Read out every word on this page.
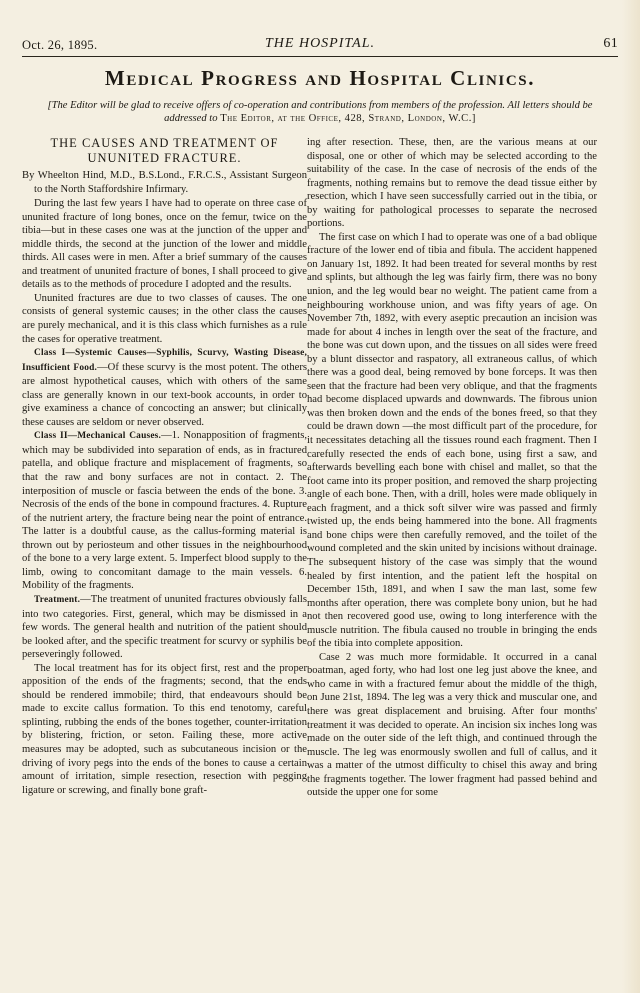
Oct. 26, 1895.	THE HOSPITAL.	61
Medical Progress and Hospital Clinics.
[The Editor will be glad to receive offers of co-operation and contributions from members of the profession. All letters should be addressed to The Editor, at the Office, 428, Strand, London, W.C.]
THE CAUSES AND TREATMENT OF UNUNITED FRACTURE.

By Wheelton Hind, M.D., B.S.Lond., F.R.C.S., Assistant Surgeon to the North Staffordshire Infirmary.

During the last few years I have had to operate on three case of ununited fracture of long bones, once on the femur, twice on the tibia—but in these cases one was at the junction of the upper and middle thirds, the second at the junction of the lower and middle thirds. All cases were in men. After a brief summary of the causes and treatment of ununited fracture of bones, I shall proceed to give details as to the methods of procedure I adopted and the results.

Ununited fractures are due to two classes of causes. The one consists of general systemic causes; in the other class the causes are purely mechanical, and it is this class which furnishes as a rule the cases for operative treatment.

Class I—Systemic Causes—Syphilis, Scurvy, Wasting Disease, Insufficient Food.—Of these scurvy is the most potent. The others are almost hypothetical causes, which with others of the same class are generally known in our text-book accounts, in order to give examiness a chance of concocting an answer; but clinically these causes are seldom or never observed.

Class II—Mechanical Causes.—1. Nonapposition of fragments, which may be subdivided into separation of ends, as in fractured patella, and oblique fracture and misplacement of fragments, so that the raw and bony surfaces are not in contact. 2. The interposition of muscle or fascia between the ends of the bone. 3. Necrosis of the ends of the bone in compound fractures. 4. Rupture of the nutrient artery, the fracture being near the point of entrance. The latter is a doubtful cause, as the callus-forming material is thrown out by periosteum and other tissues in the neighbourhood of the bone to a very large extent. 5. Imperfect blood supply to the limb, owing to concomitant damage to the main vessels. 6. Mobility of the fragments.

Treatment.—The treatment of ununited fractures obviously falls into two categories. First, general, which may be dismissed in a few words. The general health and nutrition of the patient should be looked after, and the specific treatment for scurvy or syphilis be perseveringly followed.

The local treatment has for its object first, rest and the proper apposition of the ends of the fragments; second, that the ends should be rendered immobile; third, that endeavours should be made to excite callus formation. To this end tenotomy, careful splinting, rubbing the ends of the bones together, counter-irritation by blistering, friction, or seton. Failing these, more active measures may be adopted, such as subcutaneous incision or the driving of ivory pegs into the ends of the bones to cause a certain amount of irritation, simple resection, resection with pegging ligature or screwing, and finally bone graft-

ing after resection. These, then, are the various means at our disposal, one or other of which may be selected according to the suitability of the case. In the case of necrosis of the ends of the fragments, nothing remains but to remove the dead tissue either by resection, which I have seen successfully carried out in the tibia, or by waiting for pathological processes to separate the necrosed portions.

The first case on which I had to operate was one of a bad oblique fracture of the lower end of tibia and fibula. The accident happened on January 1st, 1892. It had been treated for several months by rest and splints, but although the leg was fairly firm, there was no bony union, and the leg would bear no weight. The patient came from a neighbouring workhouse union, and was fifty years of age. On November 7th, 1892, with every aseptic precaution an incision was made for about 4 inches in length over the seat of the fracture, and the bone was cut down upon, and the tissues on all sides were freed by a blunt dissector and raspatory, all extraneous callus, of which there was a good deal, being removed by bone forceps. It was then seen that the fracture had been very oblique, and that the fragments had become displaced upwards and downwards. The fibrous union was then broken down and the ends of the bones freed, so that they could be drawn down —the most difficult part of the procedure, for it necessitates detaching all the tissues round each fragment. Then I carefully resected the ends of each bone, using first a saw, and afterwards bevelling each bone with chisel and mallet, so that the foot came into its proper position, and removed the sharp projecting angle of each bone. Then, with a drill, holes were made obliquely in each fragment, and a thick soft silver wire was passed and firmly twisted up, the ends being hammered into the bone. All fragments and bone chips were then carefully removed, and the toilet of the wound completed and the skin united by incisions without drainage. The subsequent history of the case was simply that the wound healed by first intention, and the patient left the hospital on December 15th, 1891, and when I saw the man last, some few months after operation, there was complete bony union, but he had not then recovered good use, owing to long interference with the muscle nutrition. The fibula caused no trouble in bringing the ends of the tibia into complete apposition.

Case 2 was much more formidable. It occurred in a canal boatman, aged forty, who had lost one leg just above the knee, and who came in with a fractured femur about the middle of the thigh, on June 21st, 1894. The leg was a very thick and muscular one, and there was great displacement and bruising. After four months' treatment it was decided to operate. An incision six inches long was made on the outer side of the left thigh, and continued through the muscle. The leg was enormously swollen and full of callus, and it was a matter of the utmost difficulty to chisel this away and bring the fragments together. The lower fragment had passed behind and outside the upper one for some
